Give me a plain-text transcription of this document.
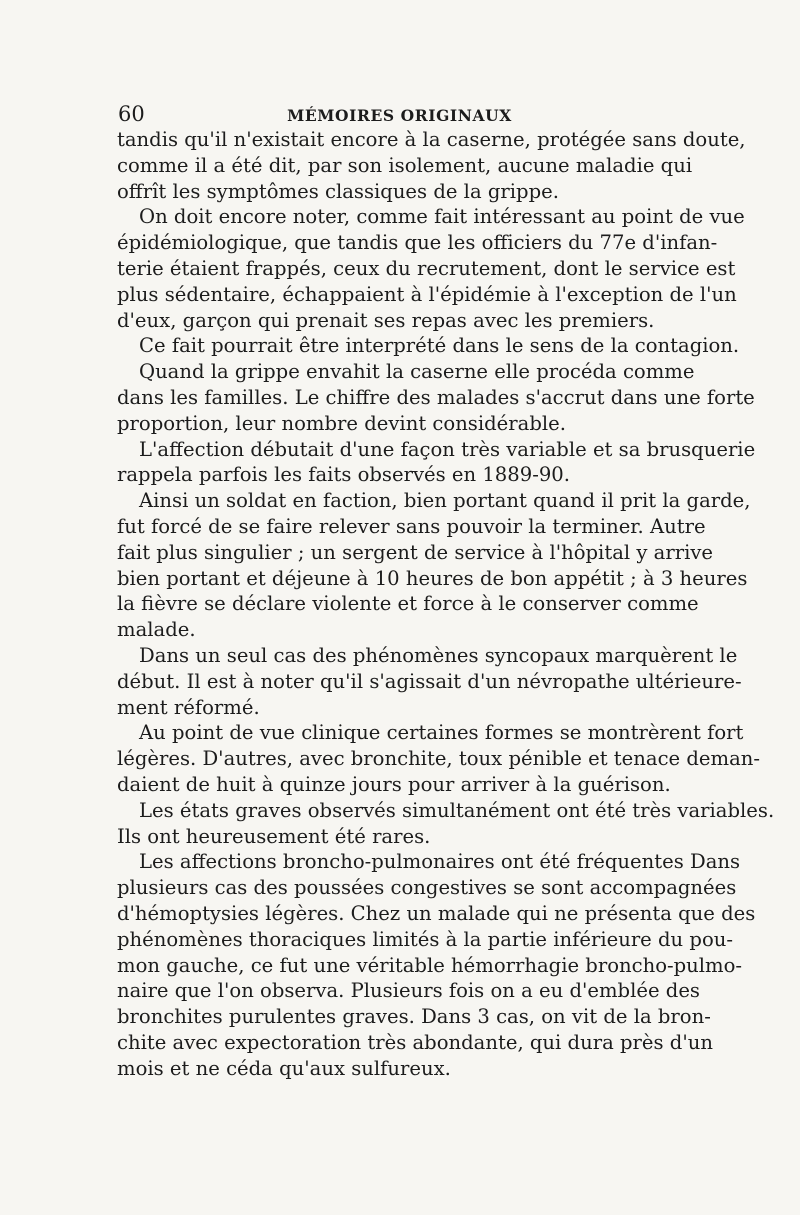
60	MÉMOIRES ORIGINAUX
tandis qu'il n'existait encore à la caserne, protégée sans doute,
comme il a été dit, par son isolement, aucune maladie qui
offrît les symptômes classiques de la grippe.
On doit encore noter, comme fait intéressant au point de vue
épidémiologique, que tandis que les officiers du 77e d'infan-
terie étaient frappés, ceux du recrutement, dont le service est
plus sédentaire, échappaient à l'épidémie à l'exception de l'un
d'eux, garçon qui prenait ses repas avec les premiers.
Ce fait pourrait être interprété dans le sens de la contagion.
Quand la grippe envahit la caserne elle procéda comme
dans les familles. Le chiffre des malades s'accrut dans une forte
proportion, leur nombre devint considérable.
L'affection débutait d'une façon très variable et sa brusquerie
rappela parfois les faits observés en 1889-90.
Ainsi un soldat en faction, bien portant quand il prit la garde,
fut forcé de se faire relever sans pouvoir la terminer. Autre
fait plus singulier ; un sergent de service à l'hôpital y arrive
bien portant et déjeune à 10 heures de bon appétit ; à 3 heures
la fièvre se déclare violente et force à le conserver comme
malade.
Dans un seul cas des phénomènes syncopaux marquèrent le
début. Il est à noter qu'il s'agissait d'un névropathe ultérieure-
ment réformé.
Au point de vue clinique certaines formes se montrèrent fort
légères. D'autres, avec bronchite, toux pénible et tenace deman-
daient de huit à quinze jours pour arriver à la guérison.
Les états graves observés simultanément ont été très variables.
Ils ont heureusement été rares.
Les affections broncho-pulmonaires ont été fréquentes Dans
plusieurs cas des poussées congestives se sont accompagnées
d'hémoptysies légères. Chez un malade qui ne présenta que des
phénomènes thoraciques limités à la partie inférieure du pou-
mon gauche, ce fut une véritable hémorrhagie broncho-pulmo-
naire que l'on observa. Plusieurs fois on a eu d'emblée des
bronchites purulentes graves. Dans 3 cas, on vit de la bron-
chite avec expectoration très abondante, qui dura près d'un
mois et ne céda qu'aux sulfureux.
